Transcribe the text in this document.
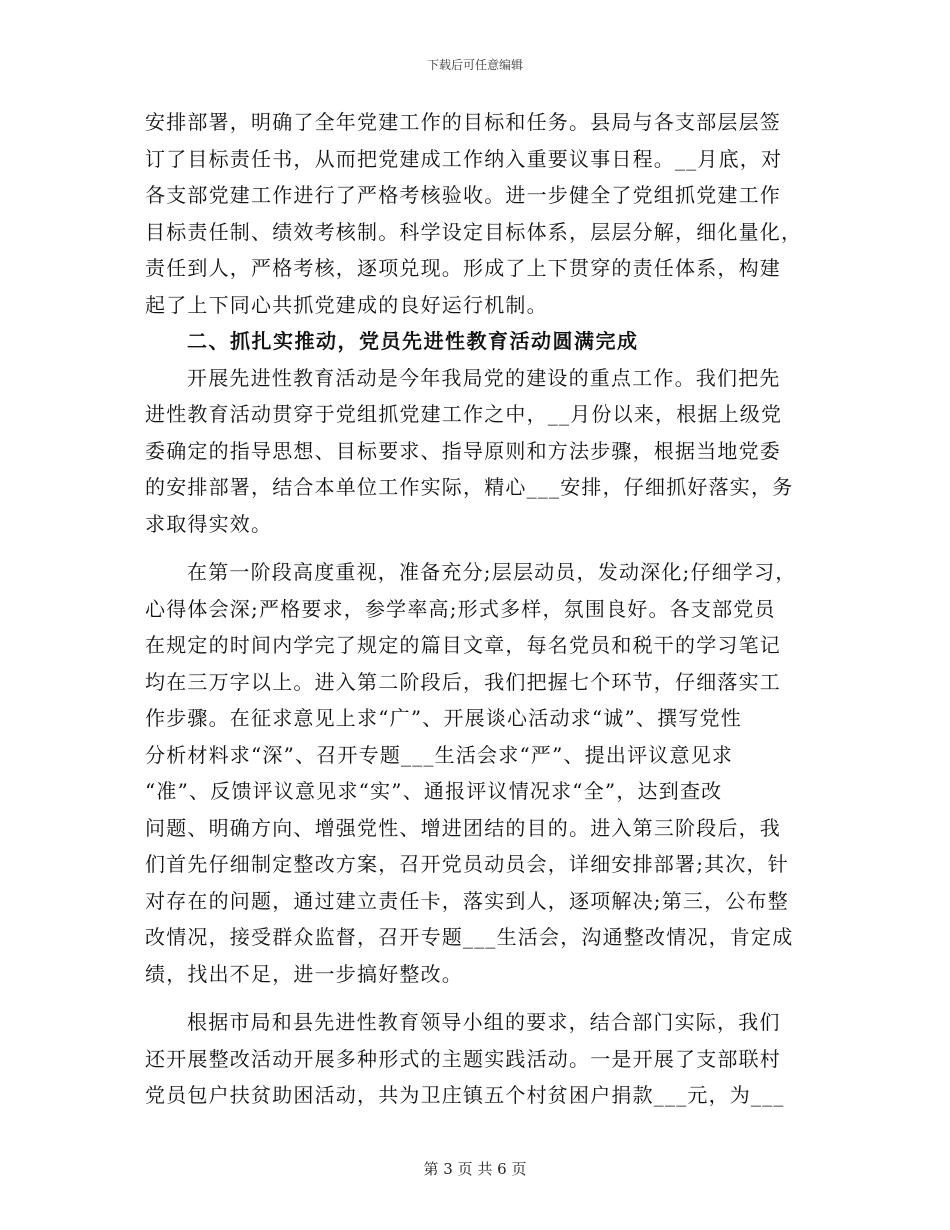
下载后可任意编辑
安排部署，明确了全年党建工作的目标和任务。县局与各支部层层签
订了目标责任书，从而把党建成工作纳入重要议事日程。__月底，对
各支部党建工作进行了严格考核验收。进一步健全了党组抓党建工作
目标责任制、绩效考核制。科学设定目标体系，层层分解，细化量化，
责任到人，严格考核，逐项兑现。形成了上下贯穿的责任体系，构建
起了上下同心共抓党建成的良好运行机制。
二、抓扎实推动，党员先进性教育活动圆满完成
开展先进性教育活动是今年我局党的建设的重点工作。我们把先
进性教育活动贯穿于党组抓党建工作之中，__月份以来，根据上级党
委确定的指导思想、目标要求、指导原则和方法步骤，根据当地党委
的安排部署，结合本单位工作实际，精心___安排，仔细抓好落实，务
求取得实效。
在第一阶段高度重视，准备充分;层层动员，发动深化;仔细学习，
心得体会深;严格要求，参学率高;形式多样，氛围良好。各支部党员
在规定的时间内学完了规定的篇目文章，每名党员和税干的学习笔记
均在三万字以上。进入第二阶段后，我们把握七个环节，仔细落实工
作步骤。在征求意见上求“广”、开展谈心活动求“诚”、撰写党性
分析材料求“深”、召开专题___生活会求“严”、提出评议意见求
“准”、反馈评议意见求“实”、通报评议情况求“全”，达到查改
问题、明确方向、增强党性、增进团结的目的。进入第三阶段后，我
们首先仔细制定整改方案，召开党员动员会，详细安排部署;其次，针
对存在的问题，通过建立责任卡，落实到人，逐项解决;第三，公布整
改情况，接受群众监督，召开专题___生活会，沟通整改情况，肯定成
绩，找出不足，进一步搞好整改。
根据市局和县先进性教育领导小组的要求，结合部门实际，我们
还开展整改活动开展多种形式的主题实践活动。一是开展了支部联村
党员包户扶贫助困活动，共为卫庄镇五个村贫困户捐款___元，为___
第 3 页 共 6 页
